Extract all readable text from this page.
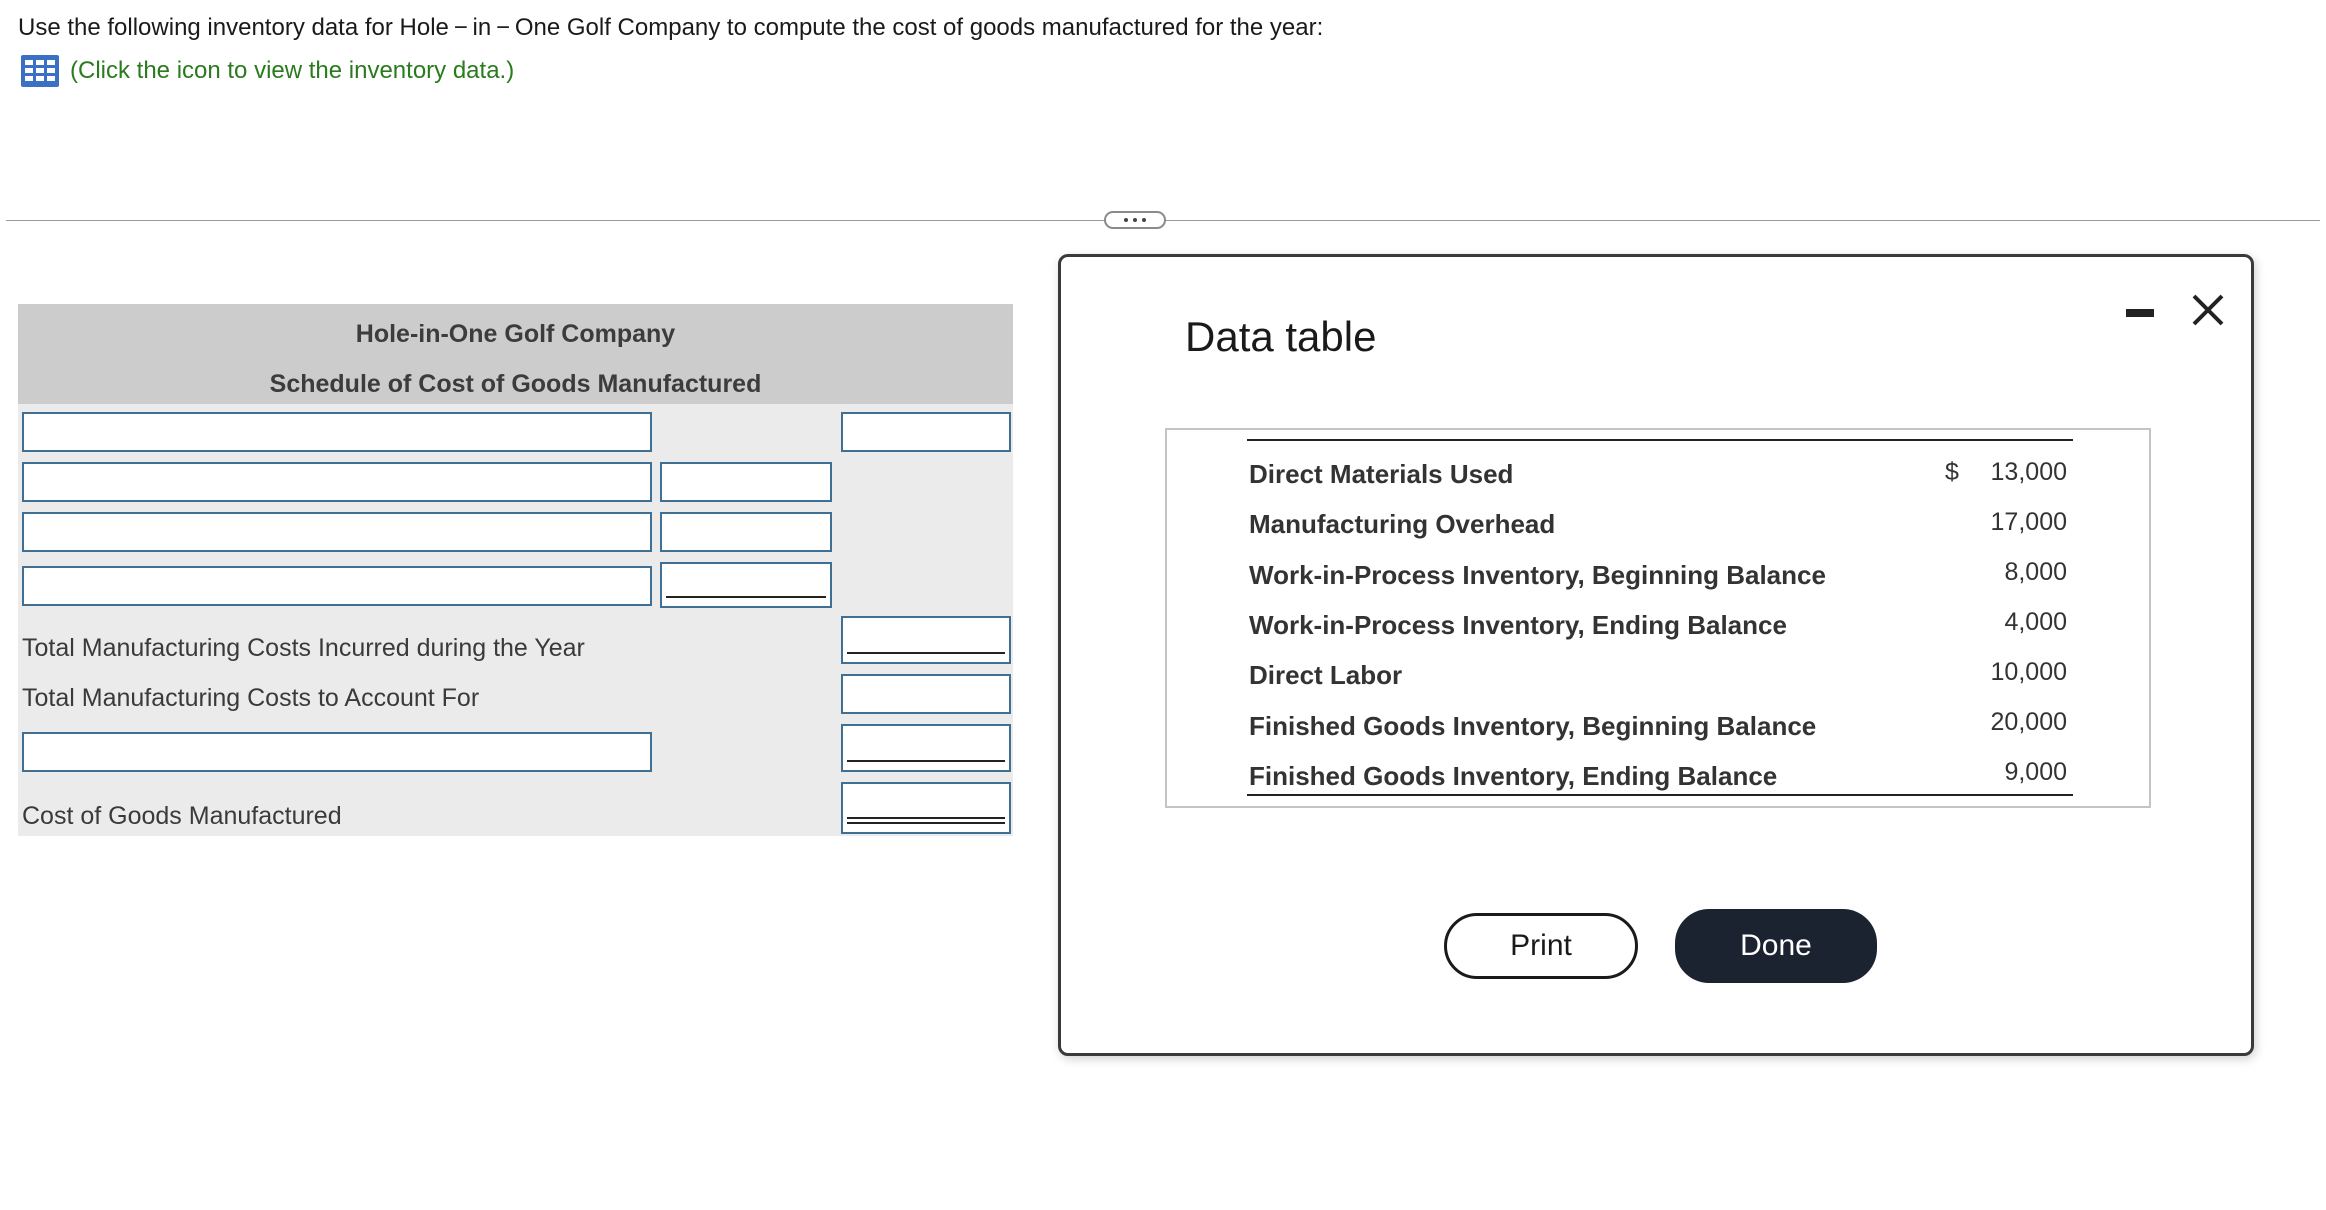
Use the following inventory data for Hole − in − One Golf Company to compute the cost of goods manufactured for the year:
(Click the icon to view the inventory data.)
Hole-in-One Golf Company
Schedule of Cost of Goods Manufactured
Total Manufacturing Costs Incurred during the Year
Total Manufacturing Costs to Account For
Cost of Goods Manufactured
Data table
Direct Materials Used	$ 13,000
Manufacturing Overhead	17,000
Work-in-Process Inventory, Beginning Balance	8,000
Work-in-Process Inventory, Ending Balance	4,000
Direct Labor	10,000
Finished Goods Inventory, Beginning Balance	20,000
Finished Goods Inventory, Ending Balance	9,000
Print	Done
